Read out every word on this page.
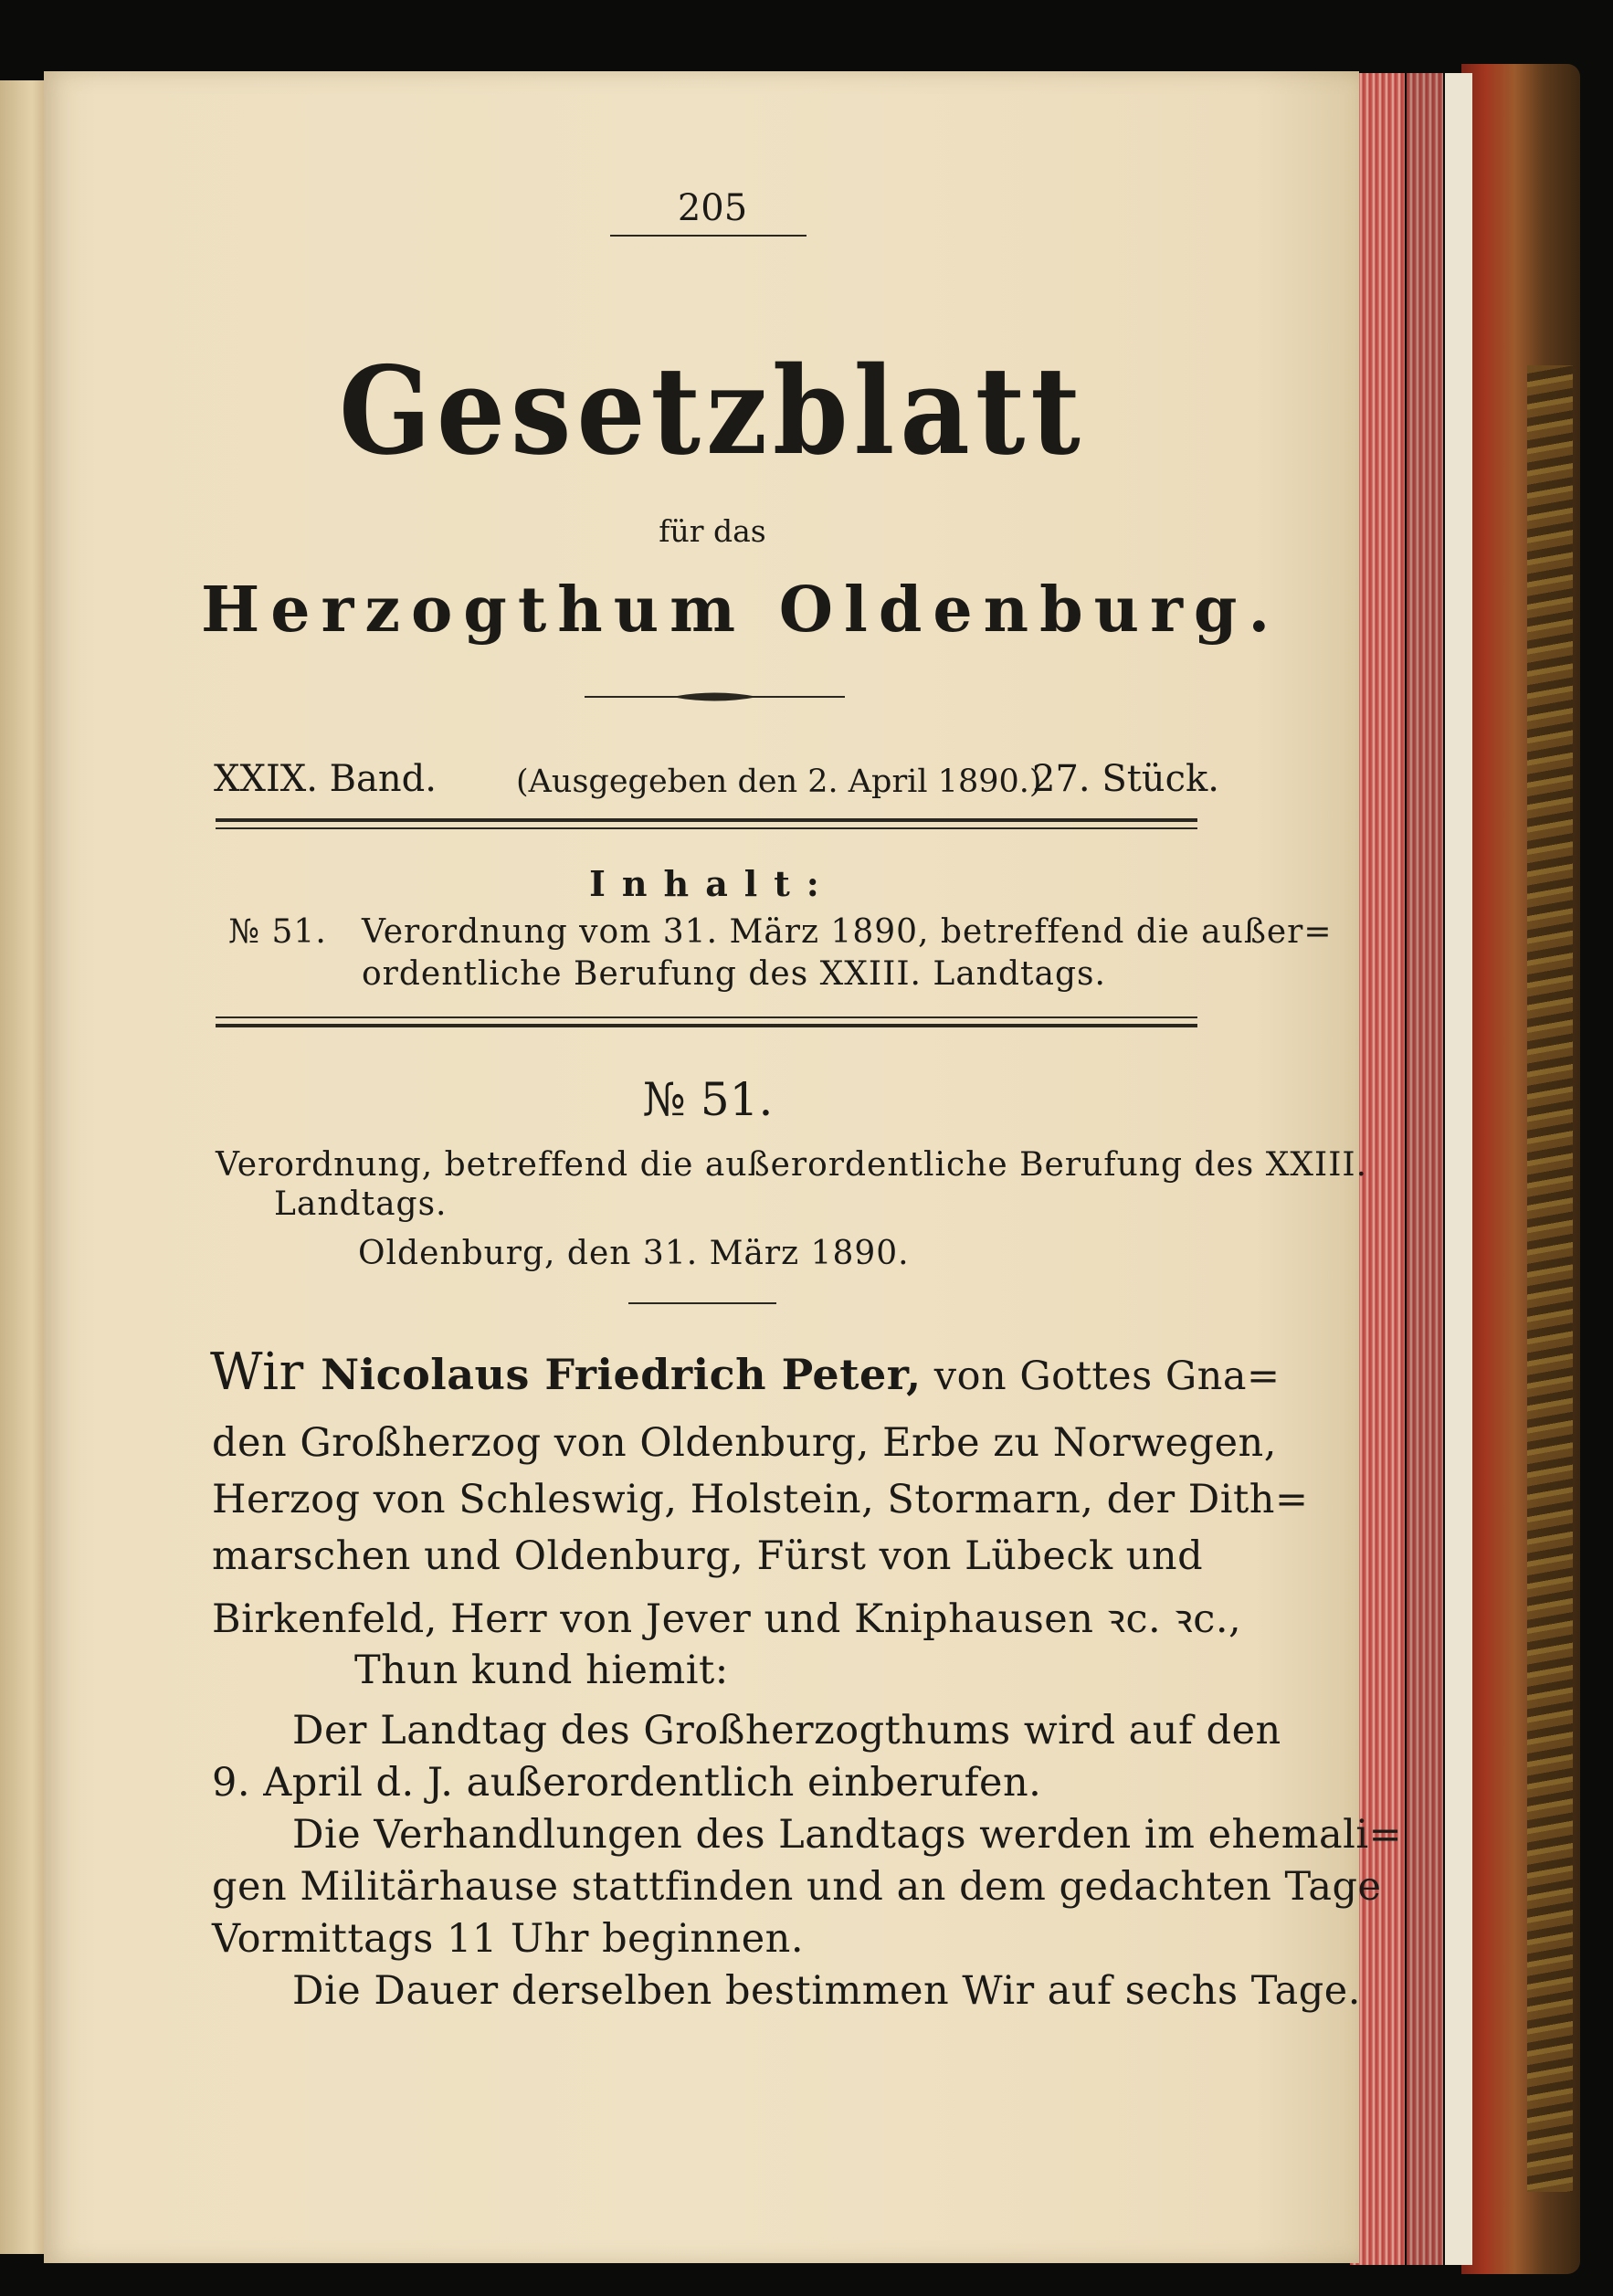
205
Gesetzblatt
für das
Herzogthum Oldenburg.
XXIX. Band. (Ausgegeben den 2. April 1890.)
27. Stück.
Inhalt:
№ 51. Verordnung vom 31. März 1890, betreffend die außer=
ordentliche Berufung des XXIII. Landtags.
№ 51.
Verordnung, betreffend die außerordentliche Berufung des XXIII.
Landtags.
Oldenburg, den 31. März 1890.
Wir Nicolaus Friedrich Peter, von Gottes Gna=
den Großherzog von Oldenburg, Erbe zu Norwegen,
Herzog von Schleswig, Holstein, Stormarn, der Dith=
marschen und Oldenburg, Fürst von Lübeck und
Birkenfeld, Herr von Jever und Kniphausen ꝛc. ꝛc.,
Thun kund hiemit:
Der Landtag des Großherzogthums wird auf den
9. April d. J. außerordentlich einberufen.
Die Verhandlungen des Landtags werden im ehemali=
gen Militärhause stattfinden und an dem gedachten Tage
Vormittags 11 Uhr beginnen.
Die Dauer derselben bestimmen Wir auf sechs Tage.
